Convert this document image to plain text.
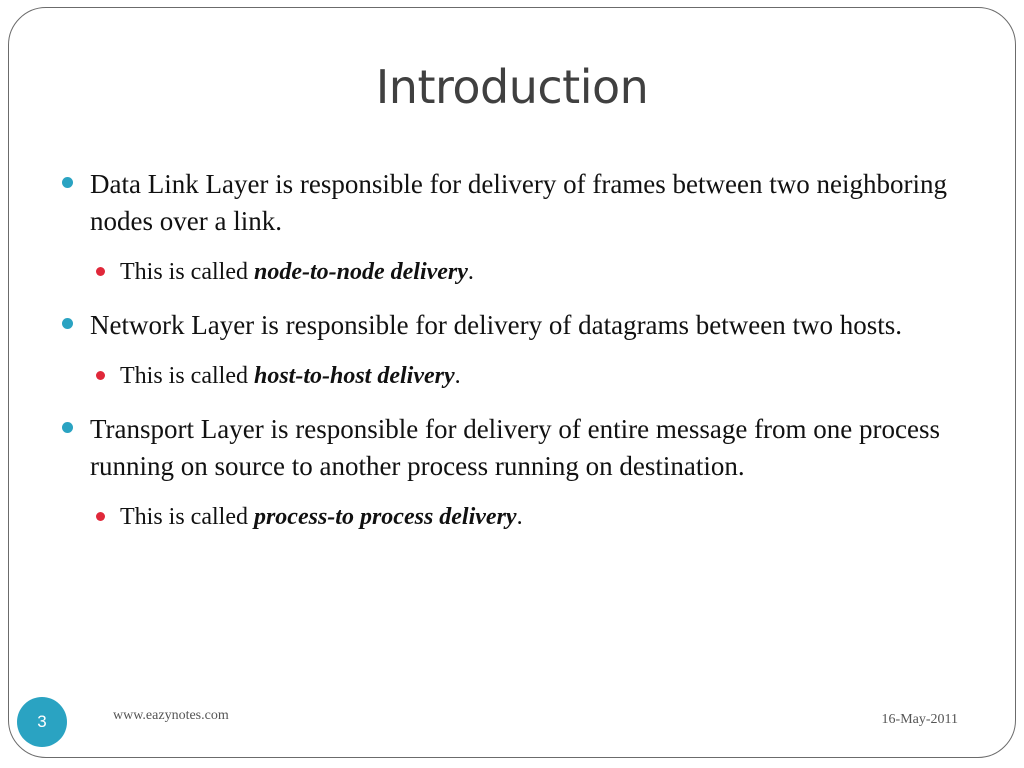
Introduction
Data Link Layer is responsible for delivery of frames between two neighboring nodes over a link.
This is called node-to-node delivery.
Network Layer is responsible for delivery of datagrams between two hosts.
This is called host-to-host delivery.
Transport Layer is responsible for delivery of entire message from one process running on source to another process running on destination.
This is called process-to process delivery.
3	www.eazynotes.com	16-May-2011
